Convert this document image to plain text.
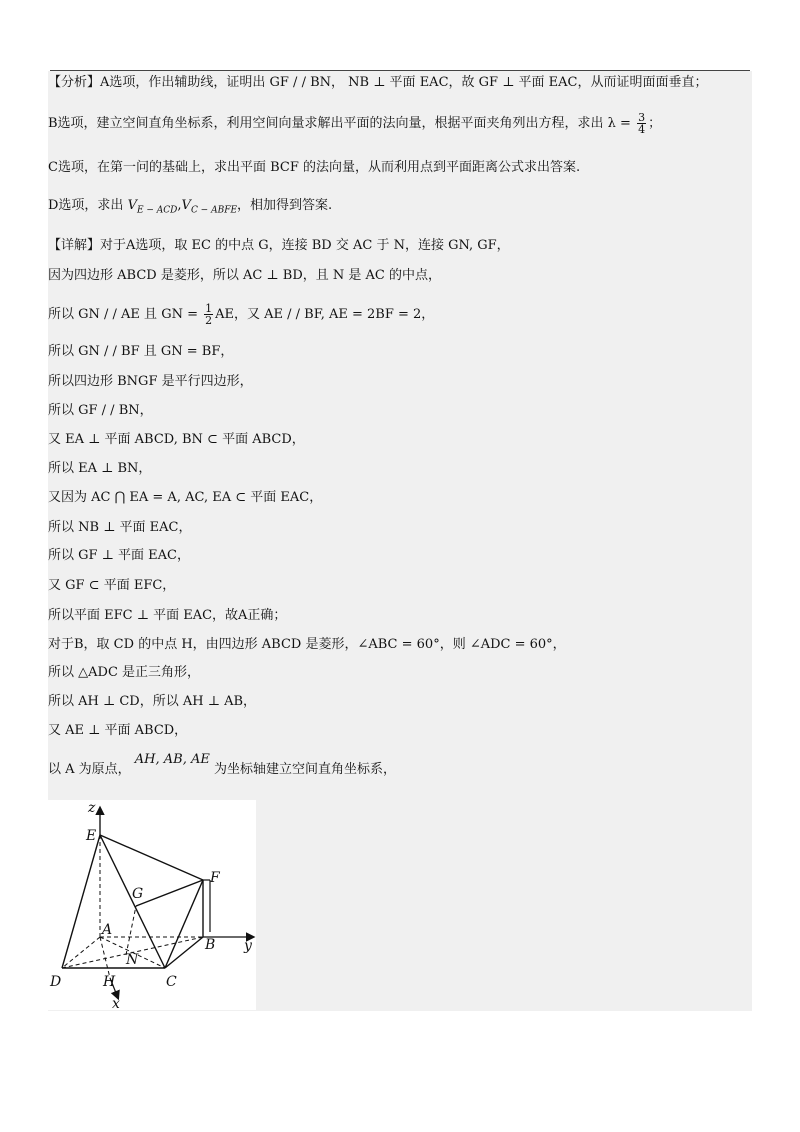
【分析】A选项，作出辅助线，证明出 GF / / BN， NB ⊥ 平面 EAC，故 GF ⊥ 平面 EAC，从而证明面面垂直；
B选项，建立空间直角坐标系，利用空间向量求解出平面的法向量，根据平面夹角列出方程，求出 $\lambda = \frac{3}{4}$ ；
C选项，在第一问的基础上，求出平面 BCF 的法向量，从而利用点到平面距离公式求出答案.
D选项，求出 $V_{E - ACD},V_{C - ABFE}$，相加得到答案.
【详解】对于A选项，取 EC 的中点 G，连接 BD 交 AC 于 N，连接 GN, GF，
因为四边形 ABCD 是菱形，所以 AC ⊥ BD，且 N 是 AC 的中点，
所以 GN / / AE 且 GN = $\frac{1}{2}$ AE，又 AE / / BF, AE = 2BF = 2，
所以 GN / / BF 且 GN = BF，
所以四边形 BNGF 是平行四边形，
所以 GF / / BN，
又 EA ⊥ 平面 ABCD, BN ⊂ 平面 ABCD，
所以 EA ⊥ BN，
又因为 AC ⋂ EA = A, AC, EA ⊂ 平面 EAC，
所以 NB ⊥ 平面 EAC，
所以 GF ⊥ 平面 EAC，
又 GF ⊂ 平面 EFC，
所以平面 EFC ⊥ 平面 EAC，故A正确；
对于B，取 CD 的中点 H，由四边形 ABCD 是菱形，∠ABC = 60°，则 ∠ADC = 60°，
所以 △ADC 是正三角形，
所以 AH ⊥ CD，所以 AH ⊥ AB，
又 AE ⊥ 平面 ABCD，
以 A 为原点， AH, AB, AE 为坐标轴建立空间直角坐标系，
z
y
x
E
F
G
A
B
C
D	H
N
